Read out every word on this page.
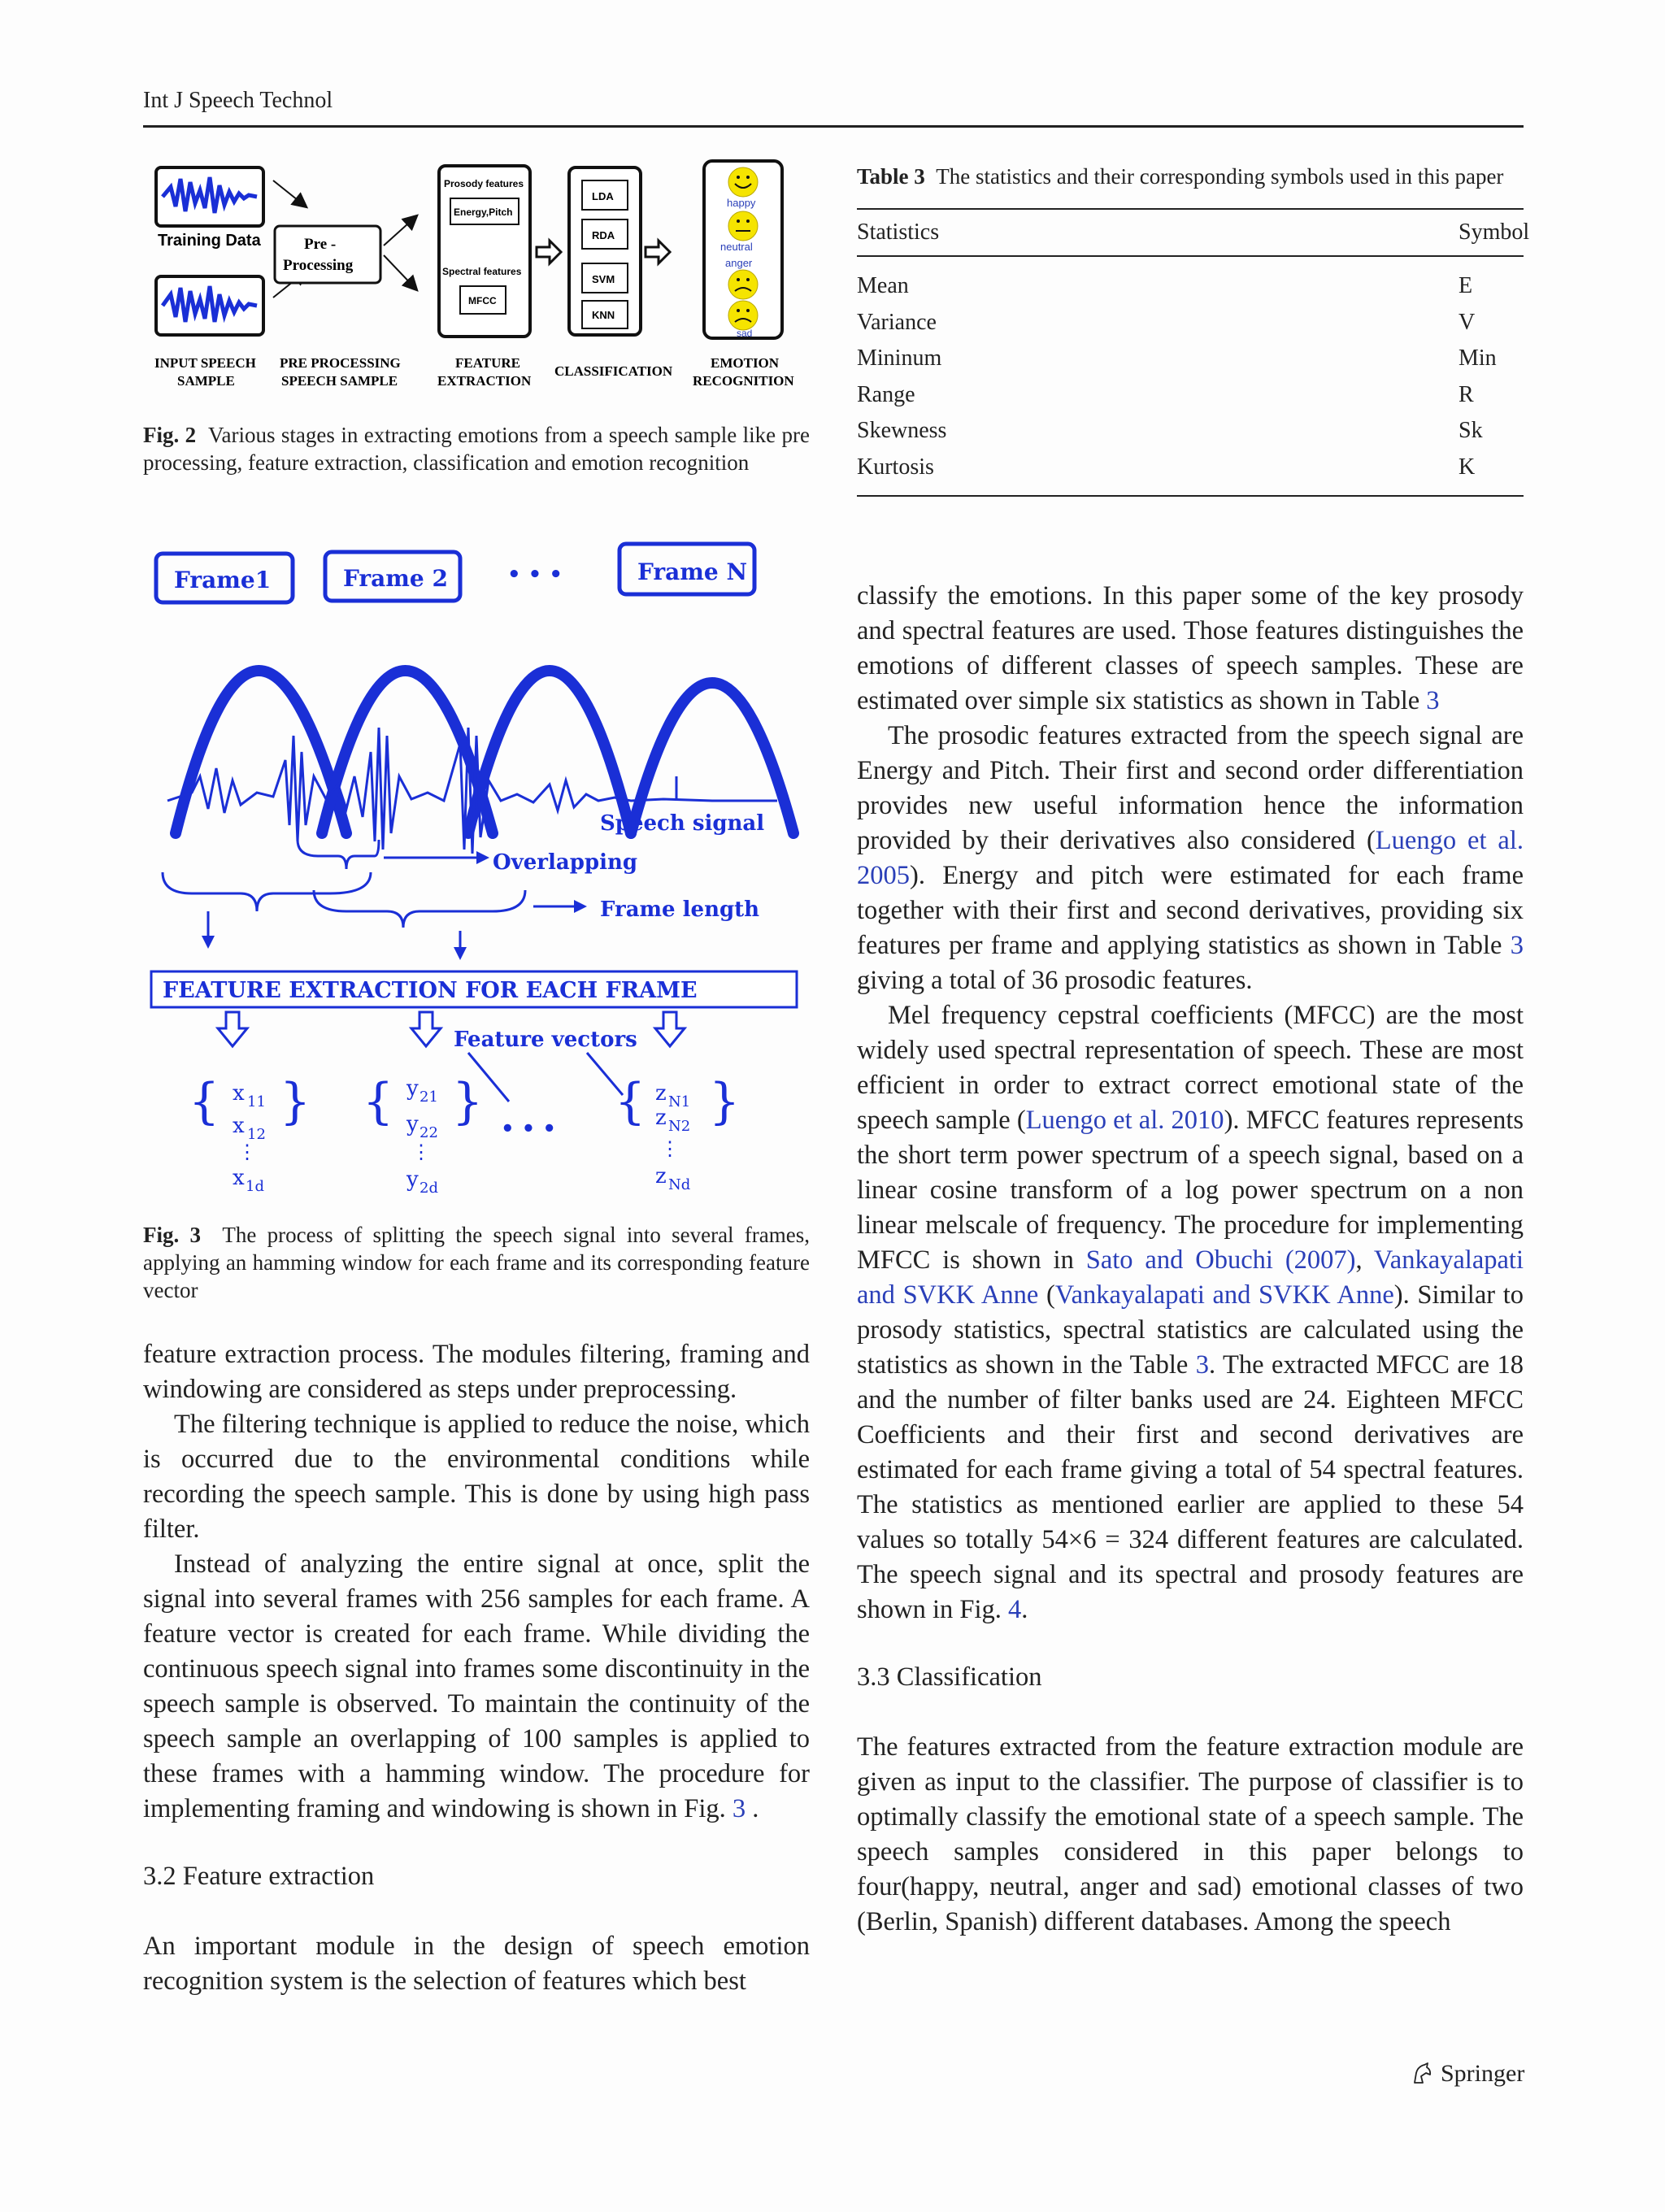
Int J Speech Technol
Training Data
INPUT SPEECH
SAMPLE
Pre -
Processing
PRE PROCESSING
SPEECH SAMPLE
Prosody features
Energy,Pitch
Spectral features
MFCC
FEATURE
EXTRACTION
LDA
RDA
SVM
KNN
CLASSIFICATION
happy
neutral
anger
sad
EMOTION
RECOGNITION
Fig. 2 Various stages in extracting emotions from a speech sample like pre processing, feature extraction, classification and emotion recognition
Frame1	Frame 2	Frame N
• • •
Speech signal
Overlapping
Frame length
FEATURE EXTRACTION FOR EACH FRAME
Feature vectors
{ x 11
x 12
⋮
x 1d
} { y 21
y 22
⋮
y 2d
} • • • { z N1
z N2
⋮
z Nd
}
Fig. 3 The process of splitting the speech signal into several frames, applying an hamming window for each frame and its corresponding feature vector
Table 3 The statistics and their corresponding symbols used in this paper
Statistics	Symbol
Mean	E
Variance	V
Mininum	Min
Range	R
Skewness	Sk
Kurtosis	K

feature extraction process. The modules filtering, framing and windowing are considered as steps under preprocessing.

The filtering technique is applied to reduce the noise, which is occurred due to the environmental conditions while recording the speech sample. This is done by using high pass filter.

Instead of analyzing the entire signal at once, split the signal into several frames with 256 samples for each frame. A feature vector is created for each frame. While dividing the continuous speech signal into frames some discontinuity in the speech sample is observed. To maintain the continuity of the speech sample an overlapping of 100 samples is applied to these frames with a hamming window. The procedure for implementing framing and windowing is shown in Fig. 3 .

3.2 Feature extraction

An important module in the design of speech emotion recognition system is the selection of features which best

classify the emotions. In this paper some of the key prosody and spectral features are used. Those features distinguishes the emotions of different classes of speech samples. These are estimated over simple six statistics as shown in Table 3

The prosodic features extracted from the speech signal are Energy and Pitch. Their first and second order differentiation provides new useful information hence the information provided by their derivatives also considered (Luengo et al. 2005). Energy and pitch were estimated for each frame together with their first and second derivatives, providing six features per frame and applying statistics as shown in Table 3 giving a total of 36 prosodic features.

Mel frequency cepstral coefficients (MFCC) are the most widely used spectral representation of speech. These are most efficient in order to extract correct emotional state of the speech sample (Luengo et al. 2010). MFCC features represents the short term power spectrum of a speech signal, based on a linear cosine transform of a log power spectrum on a non linear melscale of frequency. The procedure for implementing MFCC is shown in Sato and Obuchi (2007), Vankayalapati and SVKK Anne (Vankayalapati and SVKK Anne). Similar to prosody statistics, spectral statistics are calculated using the statistics as shown in the Table 3. The extracted MFCC are 18 and the number of filter banks used are 24. Eighteen MFCC Coefficients and their first and second derivatives are estimated for each frame giving a total of 54 spectral features. The statistics as mentioned earlier are applied to these 54 values so totally 54×6 = 324 different features are calculated. The speech signal and its spectral and prosody features are shown in Fig. 4.

3.3 Classification

The features extracted from the feature extraction module are given as input to the classifier. The purpose of classifier is to optimally classify the emotional state of a speech sample. The speech samples considered in this paper belongs to four(happy, neutral, anger and sad) emotional classes of two (Berlin, Spanish) different databases. Among the speech

Springer
